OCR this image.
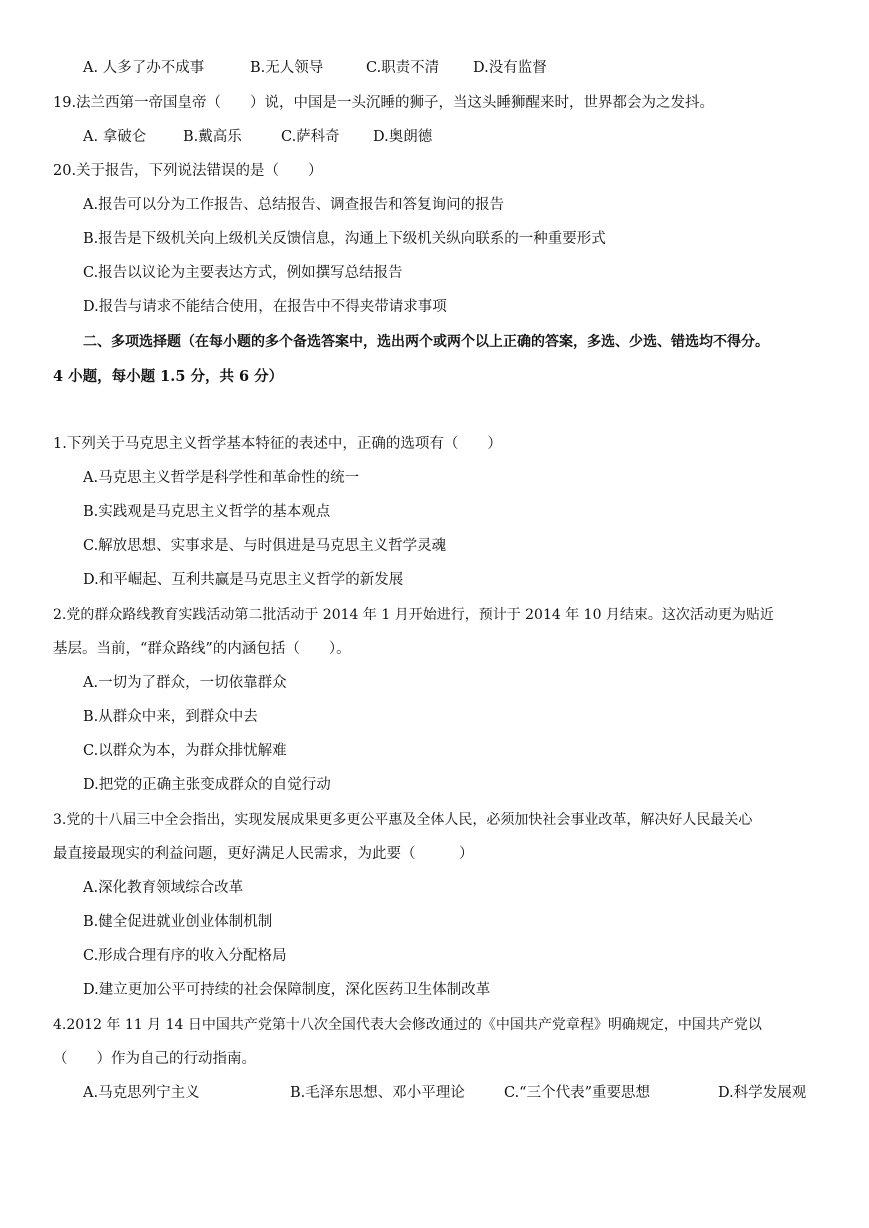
A. 人多了办不成事	B.无人领导	C.职责不清 D.没有监督
19.法兰西第一帝国皇帝（　　）说，中国是一头沉睡的狮子，当这头睡狮醒来时，世界都会为之发抖。
A. 拿破仑	B.戴高乐	C.萨科奇 D.奥朗德
20.关于报告，下列说法错误的是（　　）
A.报告可以分为工作报告、总结报告、调查报告和答复询问的报告
B.报告是下级机关向上级机关反馈信息，沟通上下级机关纵向联系的一种重要形式
C.报告以议论为主要表达方式，例如撰写总结报告
D.报告与请求不能结合使用，在报告中不得夹带请求事项
二、多项选择题（在每小题的多个备选答案中，选出两个或两个以上正确的答案，多选、少选、错选均不得分。
4 小题，每小题 1.5 分，共 6 分）
1.下列关于马克思主义哲学基本特征的表述中，正确的选项有（　　）
A.马克思主义哲学是科学性和革命性的统一
B.实践观是马克思主义哲学的基本观点
C.解放思想、实事求是、与时俱进是马克思主义哲学灵魂
D.和平崛起、互利共赢是马克思主义哲学的新发展
2.党的群众路线教育实践活动第二批活动于 2014 年 1 月开始进行，预计于 2014 年 10 月结束。这次活动更为贴近
基层。当前，“群众路线”的内涵包括（　　）。
A.一切为了群众，一切依靠群众
B.从群众中来，到群众中去
C.以群众为本，为群众排忧解难
D.把党的正确主张变成群众的自觉行动
3.党的十八届三中全会指出，实现发展成果更多更公平惠及全体人民，必须加快社会事业改革，解决好人民最关心
最直接最现实的利益问题，更好满足人民需求，为此要（　　　）
A.深化教育领域综合改革
B.健全促进就业创业体制机制
C.形成合理有序的收入分配格局
D.建立更加公平可持续的社会保障制度，深化医药卫生体制改革
4.2012 年 11 月 14 日中国共产党第十八次全国代表大会修改通过的《中国共产党章程》明确规定，中国共产党以
（　　）作为自己的行动指南。
A.马克思列宁主义	B.毛泽东思想、邓小平理论	C.“三个代表”重要思想	D.科学发展观
